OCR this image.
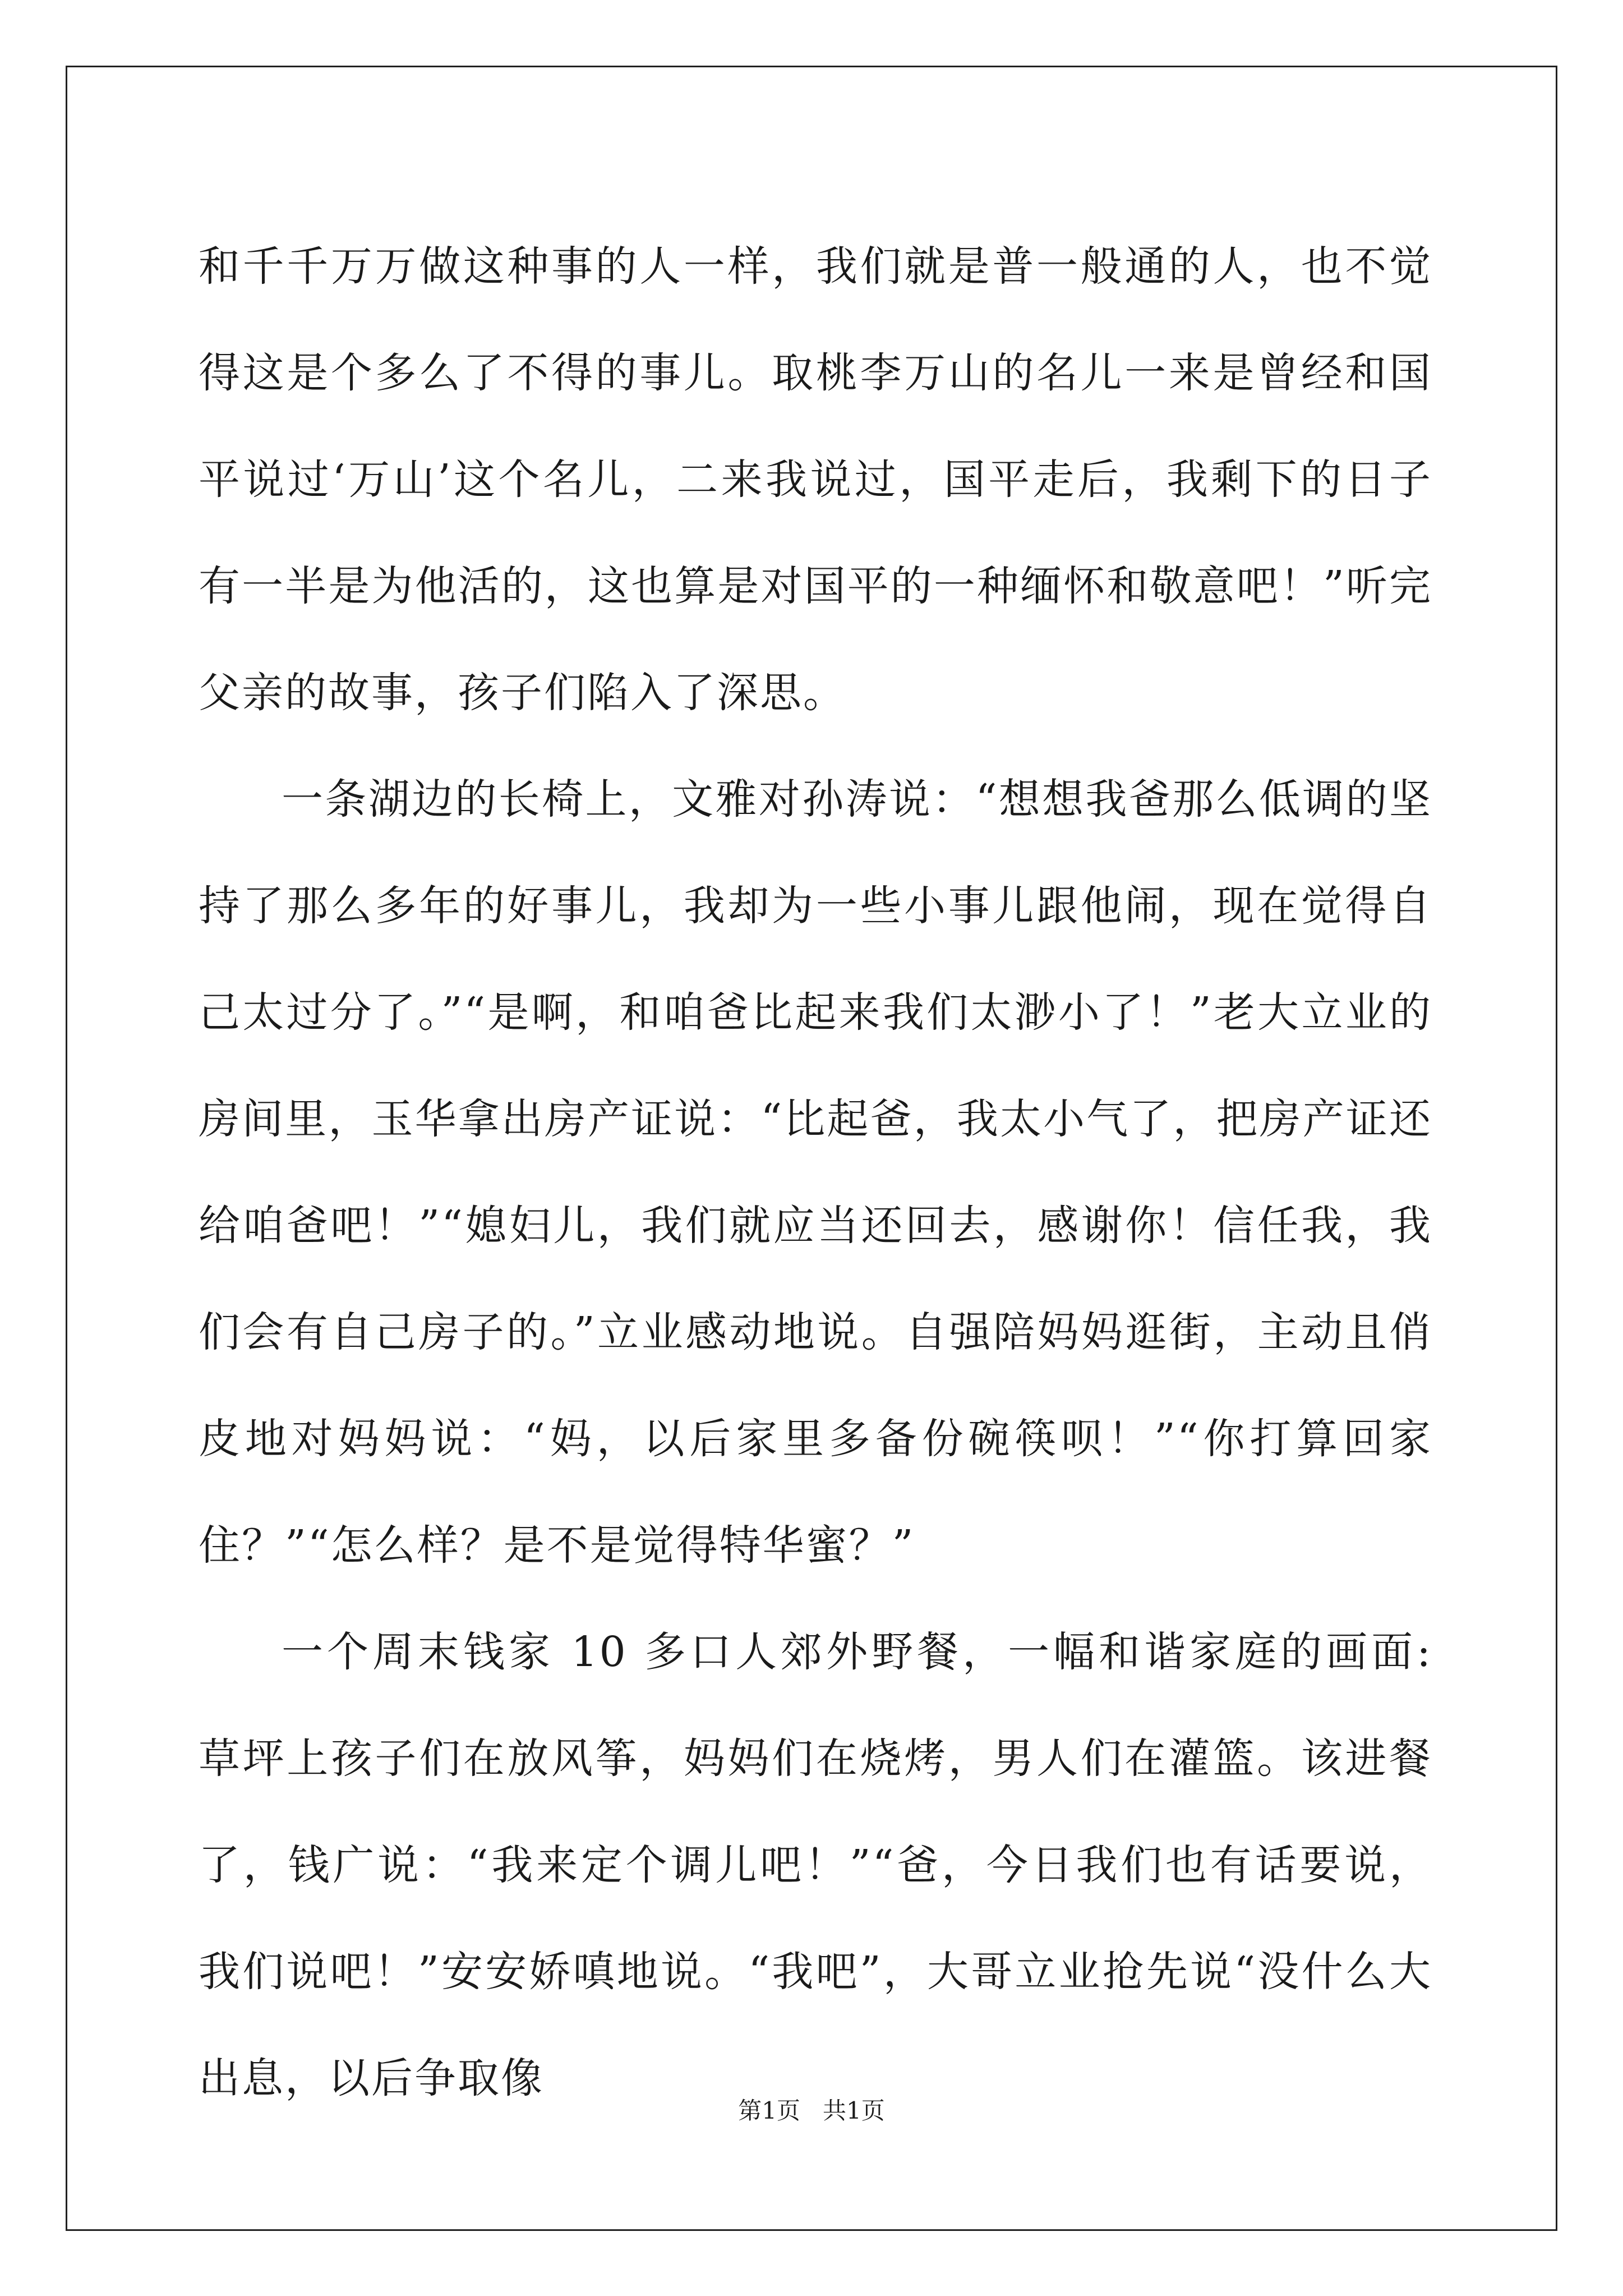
和千千万万做这种事的人一样，我们就是普一般通的人，也不觉得这是个多么了不得的事儿。取桃李万山的名儿一来是曾经和国平说过‘万山’这个名儿，二来我说过，国平走后，我剩下的日子有一半是为他活的，这也算是对国平的一种缅怀和敬意吧！”听完父亲的故事，孩子们陷入了深思。

一条湖边的长椅上，文雅对孙涛说：“想想我爸那么低调的坚持了那么多年的好事儿，我却为一些小事儿跟他闹，现在觉得自己太过分了。”“是啊，和咱爸比起来我们太渺小了！”老大立业的房间里，玉华拿出房产证说：“比起爸，我太小气了，把房产证还给咱爸吧！”“媳妇儿，我们就应当还回去，感谢你！信任我，我们会有自己房子的。”立业感动地说。自强陪妈妈逛街，主动且俏皮地对妈妈说：“妈，以后家里多备份碗筷呗！”“你打算回家住？”“怎么样？是不是觉得特华蜜？”

一个周末钱家 10 多口人郊外野餐，一幅和谐家庭的画面: 草坪上孩子们在放风筝，妈妈们在烧烤，男人们在灌篮。该进餐了，钱广说：“我来定个调儿吧！”“爸，今日我们也有话要说，我们说吧！”安安娇嗔地说。“我吧”，大哥立业抢先说“没什么大出息，以后争取像

第1页 共1页
